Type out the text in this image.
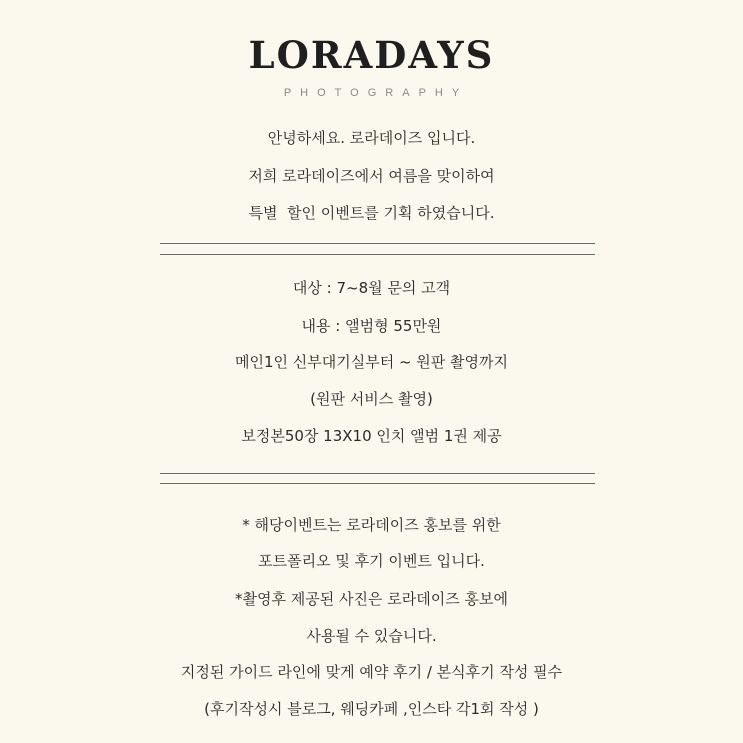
LORADAYS
PHOTOGRAPHY
안녕하세요. 로라데이즈 입니다.
저희 로라데이즈에서 여름을 맞이하여
특별  할인 이벤트를 기획 하였습니다.
대상 : 7~8월 문의 고객
내용 : 앨범형 55만원
메인1인 신부대기실부터 ~ 원판 촬영까지
(원판 서비스 촬영)
보정본50장 13X10 인치 앨범 1권 제공
* 해당이벤트는 로라데이즈 홍보를 위한
포트폴리오 및 후기 이벤트 입니다.
*촬영후 제공된 사진은 로라데이즈 홍보에
사용될 수 있습니다.
지정된 가이드 라인에 맞게 예약 후기 / 본식후기 작성 필수
(후기작성시 블로그, 웨딩카페 ,인스타 각1회 작성 )
